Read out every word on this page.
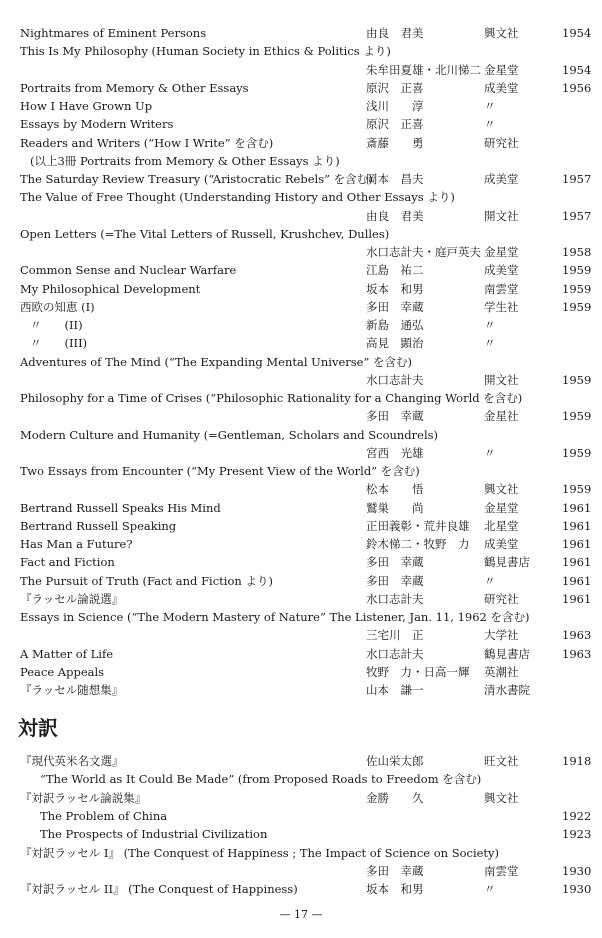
Nightmares of Eminent Persons	由良　君美	興文社	1954
This Is My Philosophy (Human Society in Ethics & Politics より)
朱牟田夏雄・北川悌二 金星堂	1954
Portraits from Memory & Other Essays	原沢　正喜	成美堂	1956
How I Have Grown Up	浅川　　淳	〃
Essays by Modern Writers	原沢　正喜	〃
Readers and Writers (“How I Write” を含む)	斎藤　　勇	研究社
(以上3冊 Portraits from Memory & Other Essays より)
The Saturday Review Treasury (“Aristocratic Rebels” を含む)
岡本　昌夫	成美堂	1957
The Value of Free Thought (Understanding History and Other Essays より)
由良　君美	開文社	1957
Open Letters (=The Vital Letters of Russell, Krushchev, Dulles)
水口志計夫・庭戸英夫 金星堂	1958
Common Sense and Nuclear Warfare	江島　祐二	成美堂	1959
My Philosophical Development	坂本　和男	南雲堂	1959
西欧の知恵 (I)	多田　幸蔵	学生社	1959
〃　　(II)	新島　通弘	〃
〃　　(III)	高見　顕治	〃
Adventures of The Mind (“The Expanding Mental Universe” を含む)
水口志計夫	開文社	1959
Philosophy for a Time of Crises (“Philosophic Rationality for a Changing World を含む)
多田　幸蔵	金星社	1959
Modern Culture and Humanity (=Gentleman, Scholars and Scoundrels)
宮西　光雄	〃	1959
Two Essays from Encounter (“My Present View of the World” を含む)
松本　　悟	興文社	1959
Bertrand Russell Speaks His Mind	鷲巣　　尚	金星堂	1961
Bertrand Russell Speaking	正田義彰・荒井良雄 北星堂	1961
Has Man a Future?	鈴木悌二・牧野　力 成美堂	1961
Fact and Fiction	多田　幸蔵	鶴見書店	1961
The Pursuit of Truth (Fact and Fiction より)	多田　幸蔵	〃	1961
『ラッセル論説選』	水口志計夫	研究社	1961
Essays in Science (“The Modern Mastery of Nature” The Listener, Jan. 11, 1962 を含む)
三宅川　正	大学社	1963
A Matter of Life	水口志計夫	鶴見書店	1963
Peace Appeals	牧野　力・日高一輝 英潮社
『ラッセル随想集』	山本　謙一	清水書院
対訳
『現代英米名文選』	佐山栄太郎	旺文社	1918
“The World as It Could Be Made” (from Proposed Roads to Freedom を含む)
『対訳ラッセル論説集』	金勝　　久	興文社
The Problem of China	1922
The Prospects of Industrial Civilization	1923
『対訳ラッセル I』 (The Conquest of Happiness ; The Impact of Science on Society)
多田　幸蔵	南雲堂	1930
『対訳ラッセル II』 (The Conquest of Happiness)	坂本　和男	〃	1930
— 17 —
